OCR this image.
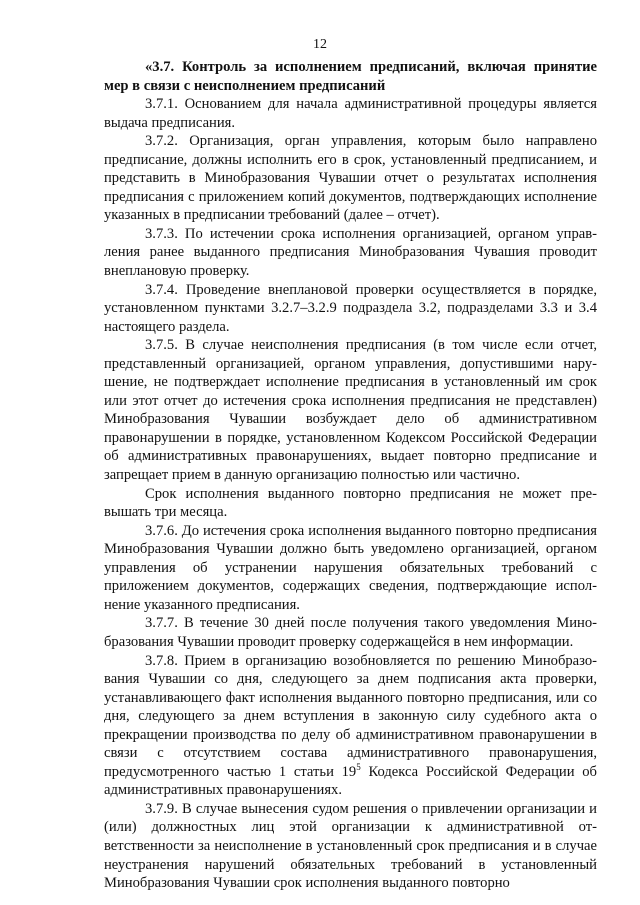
12

«3.7. Контроль за исполнением предписаний, включая принятие мер в связи с неисполнением предписаний

3.7.1. Основанием для начала административной процедуры является выдача предписания.

3.7.2. Организация, орган управления, которым было направлено предписание, должны исполнить его в срок, установленный предписанием, и представить в Минобразования Чувашии отчет о результатах исполнения предписания с приложением копий документов, подтверждающих исполнение указанных в предписании требований (далее – отчет).

3.7.3. По истечении срока исполнения организацией, органом управления ранее выданного предписания Минобразования Чувашия проводит внеплановую проверку.

3.7.4. Проведение внеплановой проверки осуществляется в порядке, установленном пунктами 3.2.7–3.2.9 подраздела 3.2, подразделами 3.3 и 3.4 настоящего раздела.

3.7.5. В случае неисполнения предписания (в том числе если отчет, представленный организацией, органом управления, допустившими нарушение, не подтверждает исполнение предписания в установленный им срок или этот отчет до истечения срока исполнения предписания не представлен) Минобразования Чувашии возбуждает дело об административном правонарушении в порядке, установленном Кодексом Российской Федерации об административных правонарушениях, выдает повторно предписание и запрещает прием в данную организацию полностью или частично.

Срок исполнения выданного повторно предписания не может превышать три месяца.

3.7.6. До истечения срока исполнения выданного повторно предписания Минобразования Чувашии должно быть уведомлено организацией, органом управления об устранении нарушения обязательных требований с приложением документов, содержащих сведения, подтверждающие исполнение указанного предписания.

3.7.7. В течение 30 дней после получения такого уведомления Минобразования Чувашии проводит проверку содержащейся в нем информации.

3.7.8. Прием в организацию возобновляется по решению Минобразования Чувашии со дня, следующего за днем подписания акта проверки, устанавливающего факт исполнения выданного повторно предписания, или со дня, следующего за днем вступления в законную силу судебного акта о прекращении производства по делу об административном правонарушении в связи с отсутствием состава административного правонарушения, предусмотренного частью 1 статьи $19^5$ Кодекса Российской Федерации об административных правонарушениях.

3.7.9. В случае вынесения судом решения о привлечении организации и (или) должностных лиц этой организации к административной ответственности за неисполнение в установленный срок предписания и в случае неустранения нарушений обязательных требований в установленный Минобразования Чувашии срок исполнения выданного повторно
